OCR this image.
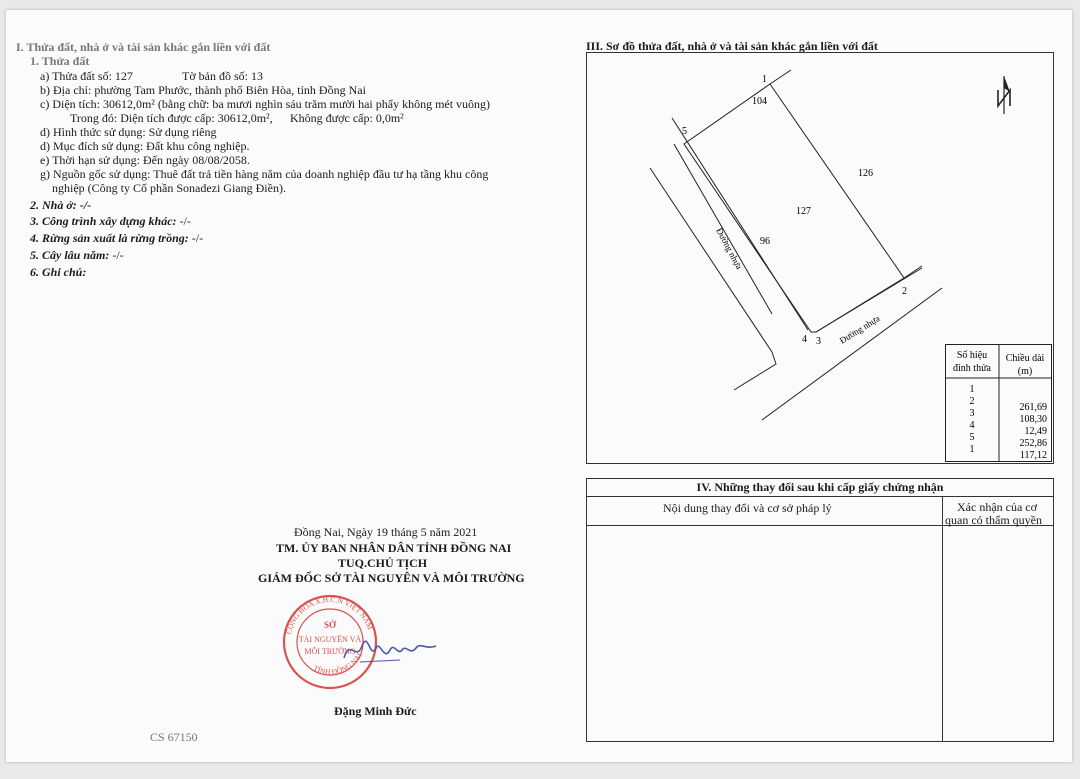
I. Thửa đất, nhà ở và tài sản khác gắn liền với đất
1. Thửa đất
a) Thửa đất số: 127	Tờ bản đồ số: 13
b) Địa chỉ: phường Tam Phước, thành phố Biên Hòa, tỉnh Đồng Nai
c) Diện tích: 30612,0m² (bằng chữ: ba mươi nghìn sáu trăm mười hai phẩy không mét vuông)
Trong đó: Diện tích được cấp: 30612,0m², Không được cấp: 0,0m²
d) Hình thức sử dụng: Sử dụng riêng
d) Mục đích sử dụng: Đất khu công nghiệp.
e) Thời hạn sử dụng: Đến ngày 08/08/2058.
g) Nguồn gốc sử dụng: Thuê đất trả tiền hàng năm của doanh nghiệp đầu tư hạ tầng khu công
nghiệp (Công ty Cổ phần Sonadezi Giang Điền).
2. Nhà ở: -/-
3. Công trình xây dựng khác: -/-
4. Rừng sản xuất là rừng trồng: -/-
5. Cây lâu năm: -/-
6. Ghi chú:
Đồng Nai, Ngày 19 tháng 5 năm 2021
TM. ỦY BAN NHÂN DÂN TỈNH ĐỒNG NAI
TUQ.CHỦ TỊCH
GIÁM ĐỐC SỞ TÀI NGUYÊN VÀ MÔI TRƯỜNG
CỘNG HÒA X.H.C.N VIỆT NAM
TỈNH ĐỒNG NAI
SỞ
TÀI NGUYÊN VÀ
MÔI TRƯỜNG
Đặng Minh Đức
CS 67150
III. Sơ đồ thửa đất, nhà ở và tài sản khác gắn liền với đất
104
126
96
127
Đường nhựa
Đường nhựa
1
2
3
4
5
Số hiệu
đỉnh thửa
Chiều dài
(m)
1
2
261,69
3
108,30
4
12,49
5
252,86
1
117,12
IV. Những thay đổi sau khi cấp giấy chứng nhận
Nội dung thay đổi và cơ sở pháp lý	Xác nhận của cơ
quan có thẩm quyền
